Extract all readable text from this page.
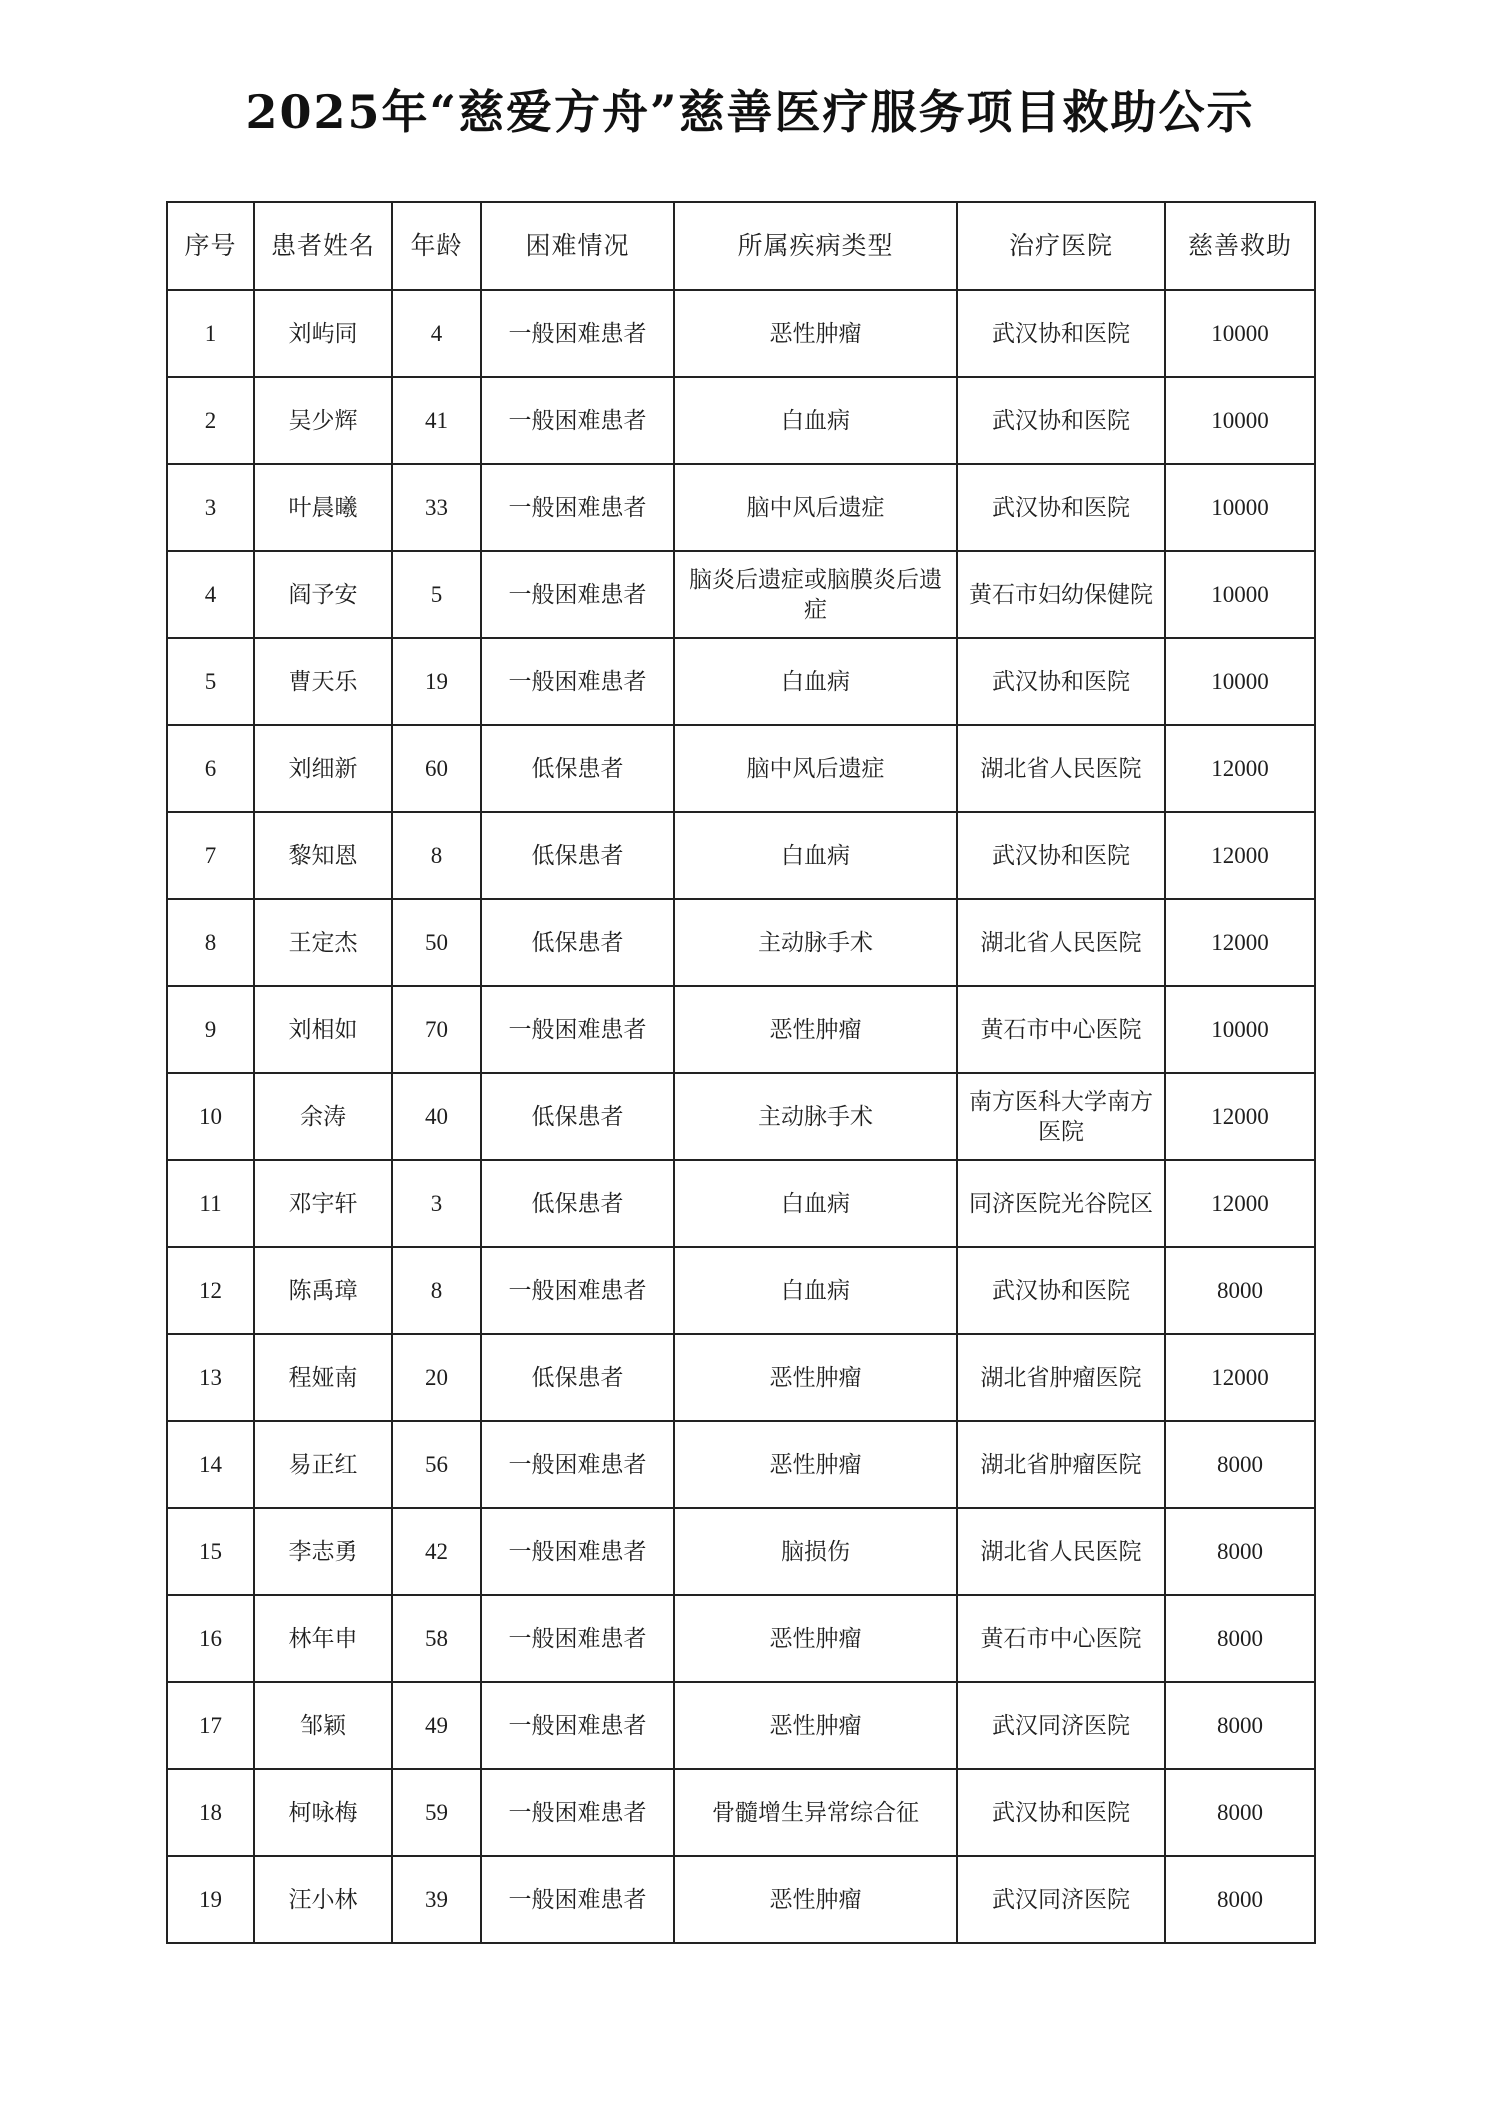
2025年“慈爱方舟”慈善医疗服务项目救助公示
序号	患者姓名	年龄	困难情况	所属疾病类型	治疗医院	慈善救助
1	刘屿同	4	一般困难患者	恶性肿瘤	武汉协和医院	10000
2	吴少辉	41	一般困难患者	白血病	武汉协和医院	10000
3	叶晨曦	33	一般困难患者	脑中风后遗症	武汉协和医院	10000
4	阎予安	5	一般困难患者	脑炎后遗症或脑膜炎后遗症	黄石市妇幼保健院	10000
5	曹天乐	19	一般困难患者	白血病	武汉协和医院	10000
6	刘细新	60	低保患者	脑中风后遗症	湖北省人民医院	12000
7	黎知恩	8	低保患者	白血病	武汉协和医院	12000
8	王定杰	50	低保患者	主动脉手术	湖北省人民医院	12000
9	刘相如	70	一般困难患者	恶性肿瘤	黄石市中心医院	10000
10	余涛	40	低保患者	主动脉手术	南方医科大学南方医院	12000
11	邓宇轩	3	低保患者	白血病	同济医院光谷院区	12000
12	陈禹璋	8	一般困难患者	白血病	武汉协和医院	8000
13	程娅南	20	低保患者	恶性肿瘤	湖北省肿瘤医院	12000
14	易正红	56	一般困难患者	恶性肿瘤	湖北省肿瘤医院	8000
15	李志勇	42	一般困难患者	脑损伤	湖北省人民医院	8000
16	林年申	58	一般困难患者	恶性肿瘤	黄石市中心医院	8000
17	邹颖	49	一般困难患者	恶性肿瘤	武汉同济医院	8000
18	柯咏梅	59	一般困难患者	骨髓增生异常综合征	武汉协和医院	8000
19	汪小林	39	一般困难患者	恶性肿瘤	武汉同济医院	8000
